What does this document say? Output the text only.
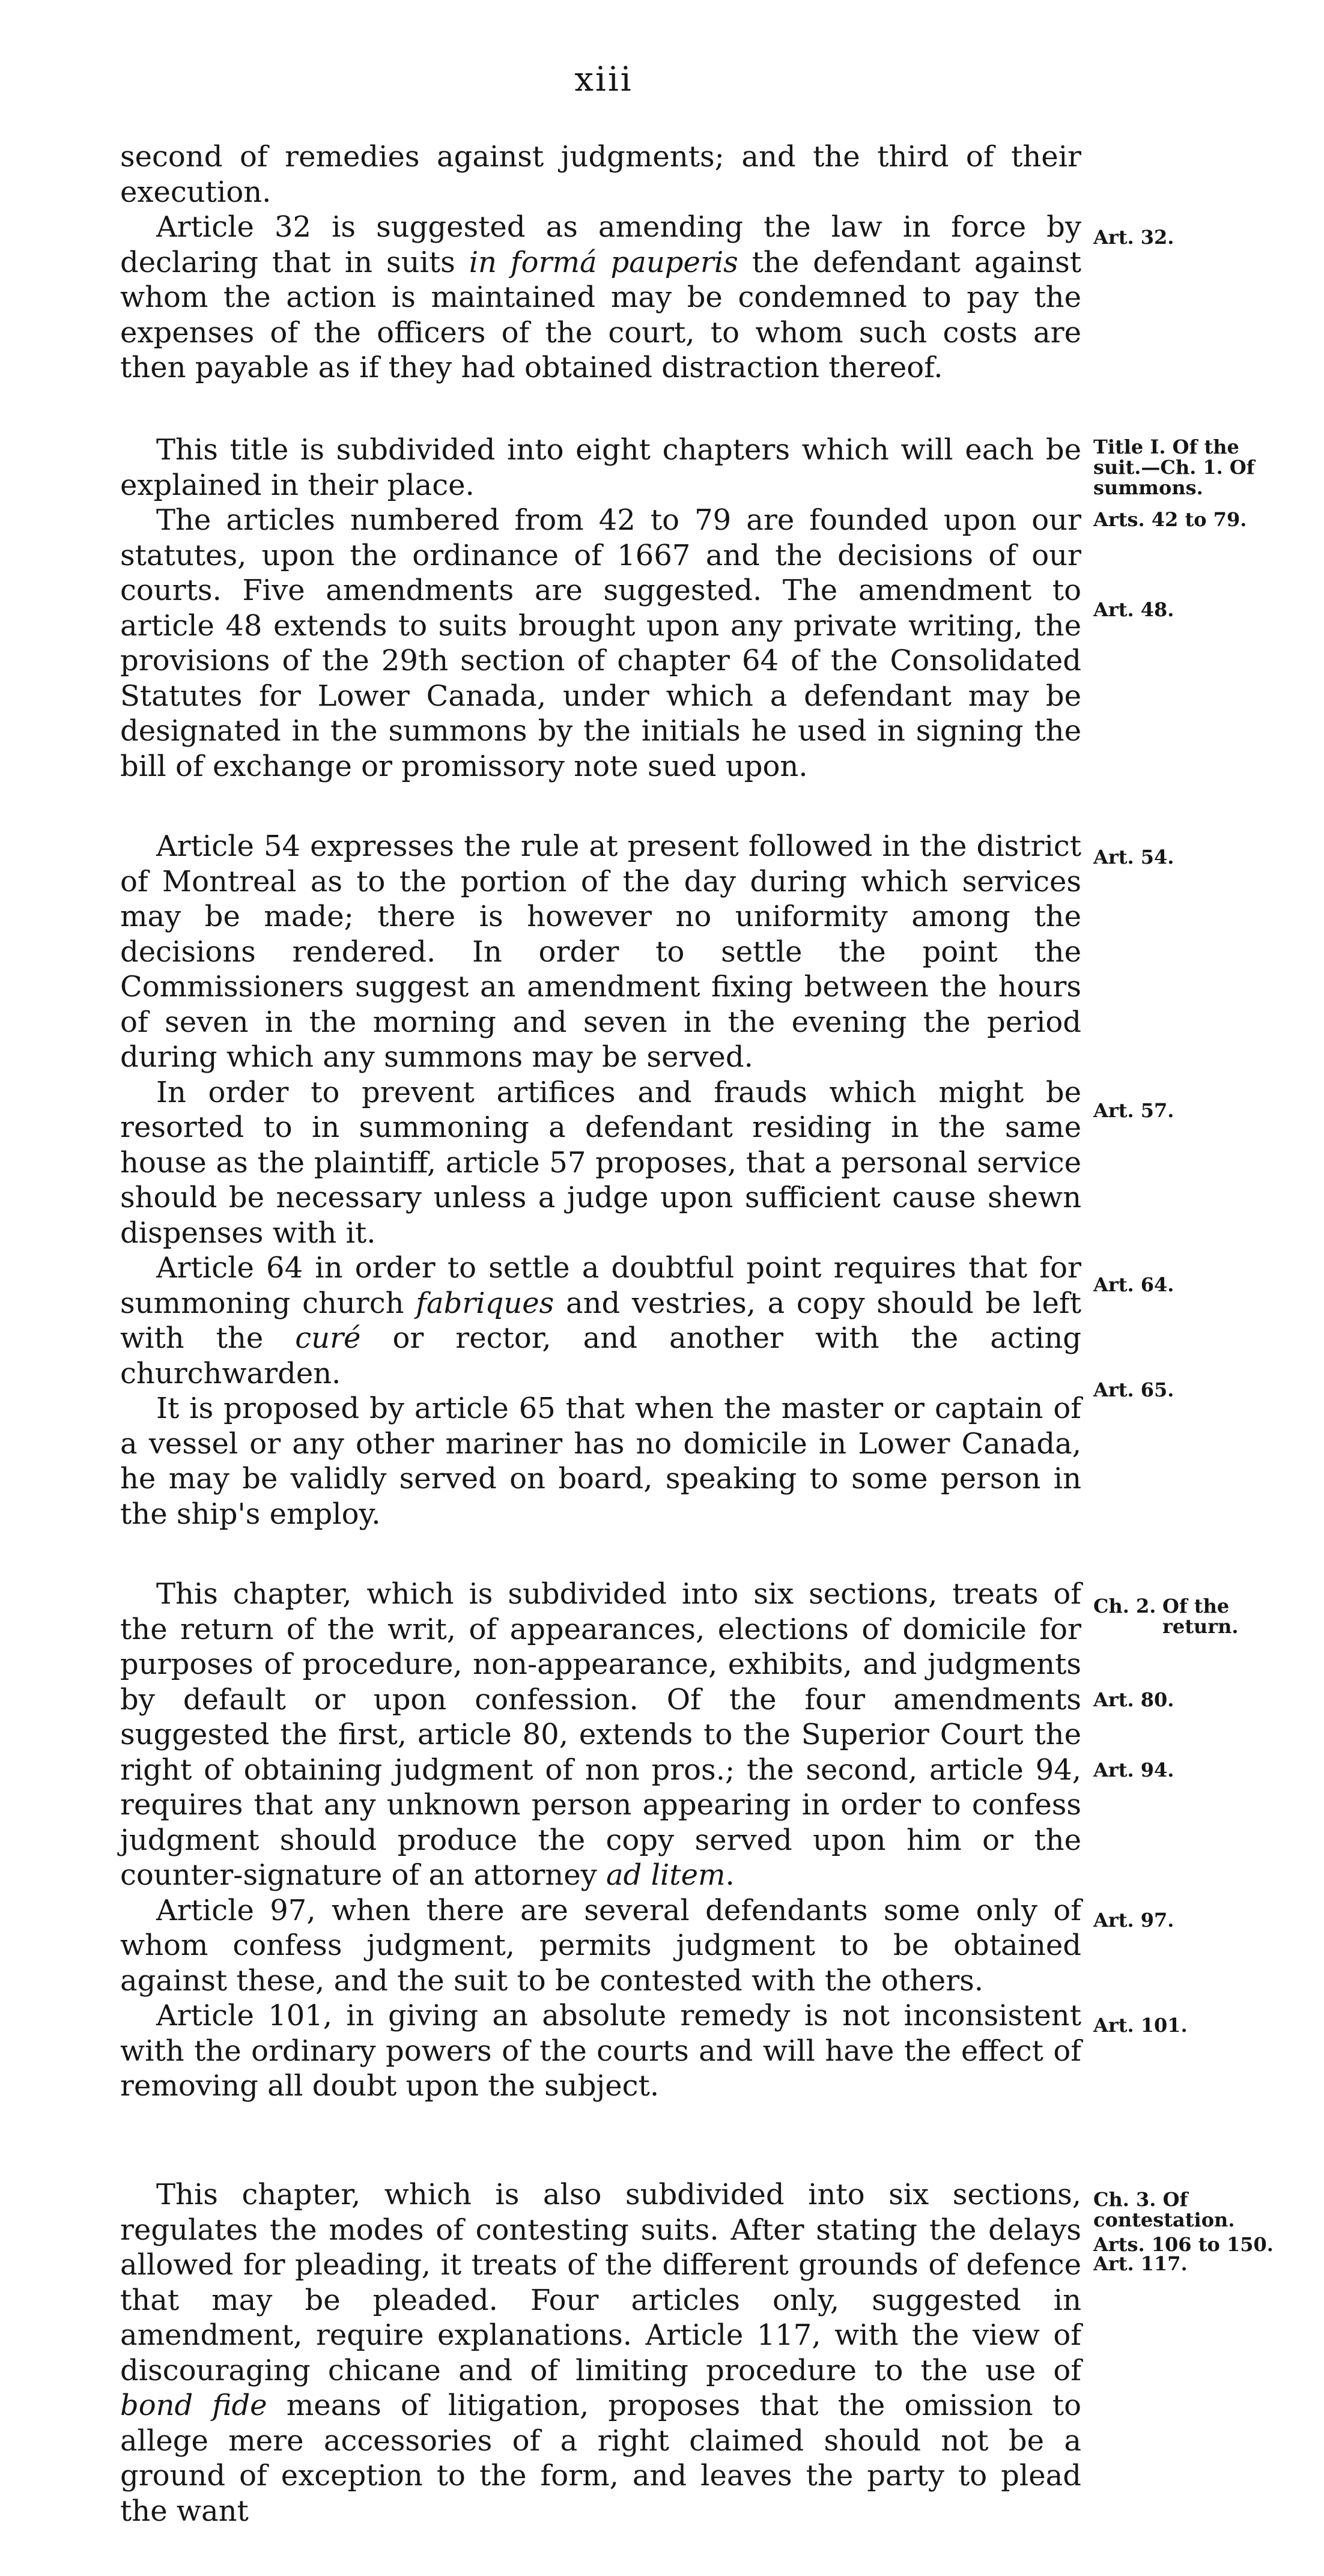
xiii

second of remedies against judgments; and the third of their execution.

Article 32 is suggested as amending the law in force by declaring that in suits in formá pauperis the defendant against whom the action is maintained may be condemned to pay the expenses of the officers of the court, to whom such costs are then payable as if they had obtained distraction thereof.

This title is subdivided into eight chapters which will each be explained in their place.

The articles numbered from 42 to 79 are founded upon our statutes, upon the ordinance of 1667 and the decisions of our courts. Five amendments are suggested. The amendment to article 48 extends to suits brought upon any private writing, the provisions of the 29th section of chapter 64 of the Consolidated Statutes for Lower Canada, under which a defendant may be designated in the summons by the initials he used in signing the bill of exchange or promissory note sued upon.

Article 54 expresses the rule at present followed in the district of Montreal as to the portion of the day during which services may be made; there is however no uniformity among the decisions rendered. In order to settle the point the Commissioners suggest an amendment fixing between the hours of seven in the morning and seven in the evening the period during which any summons may be served.

In order to prevent artifices and frauds which might be resorted to in summoning a defendant residing in the same house as the plaintiff, article 57 proposes, that a personal service should be necessary unless a judge upon sufficient cause shewn dispenses with it.

Article 64 in order to settle a doubtful point requires that for summoning church fabriques and vestries, a copy should be left with the curé or rector, and another with the acting churchwarden.

It is proposed by article 65 that when the master or captain of a vessel or any other mariner has no domicile in Lower Canada, he may be validly served on board, speaking to some person in the ship's employ.

This chapter, which is subdivided into six sections, treats of the return of the writ, of appearances, elections of domicile for purposes of procedure, non-appearance, exhibits, and judgments by default or upon confession. Of the four amendments suggested the first, article 80, extends to the Superior Court the right of obtaining judgment of non pros.; the second, article 94, requires that any unknown person appearing in order to confess judgment should produce the copy served upon him or the counter-signature of an attorney ad litem.

Article 97, when there are several defendants some only of whom confess judgment, permits judgment to be obtained against these, and the suit to be contested with the others.

Article 101, in giving an absolute remedy is not inconsistent with the ordinary powers of the courts and will have the effect of removing all doubt upon the subject.

This chapter, which is also subdivided into six sections, regulates the modes of contesting suits. After stating the delays allowed for pleading, it treats of the different grounds of defence that may be pleaded. Four articles only, suggested in amendment, require explanations. Article 117, with the view of discouraging chicane and of limiting procedure to the use of bond fide means of litigation, proposes that the omission to allege mere accessories of a right claimed should not be a ground of exception to the form, and leaves the party to plead the want

Art. 32.
Title I. Of the
suit.—Ch. 1. Of
summons.
Arts. 42 to 79.
Art. 48.
Art. 54.
Art. 57.
Art. 64.
Art. 65.
Ch. 2. Of the
return.
Art. 80.
Art. 94.
Art. 97.
Art. 101.
Ch. 3. Of
contestation.
Arts. 106 to 150.
Art. 117.
